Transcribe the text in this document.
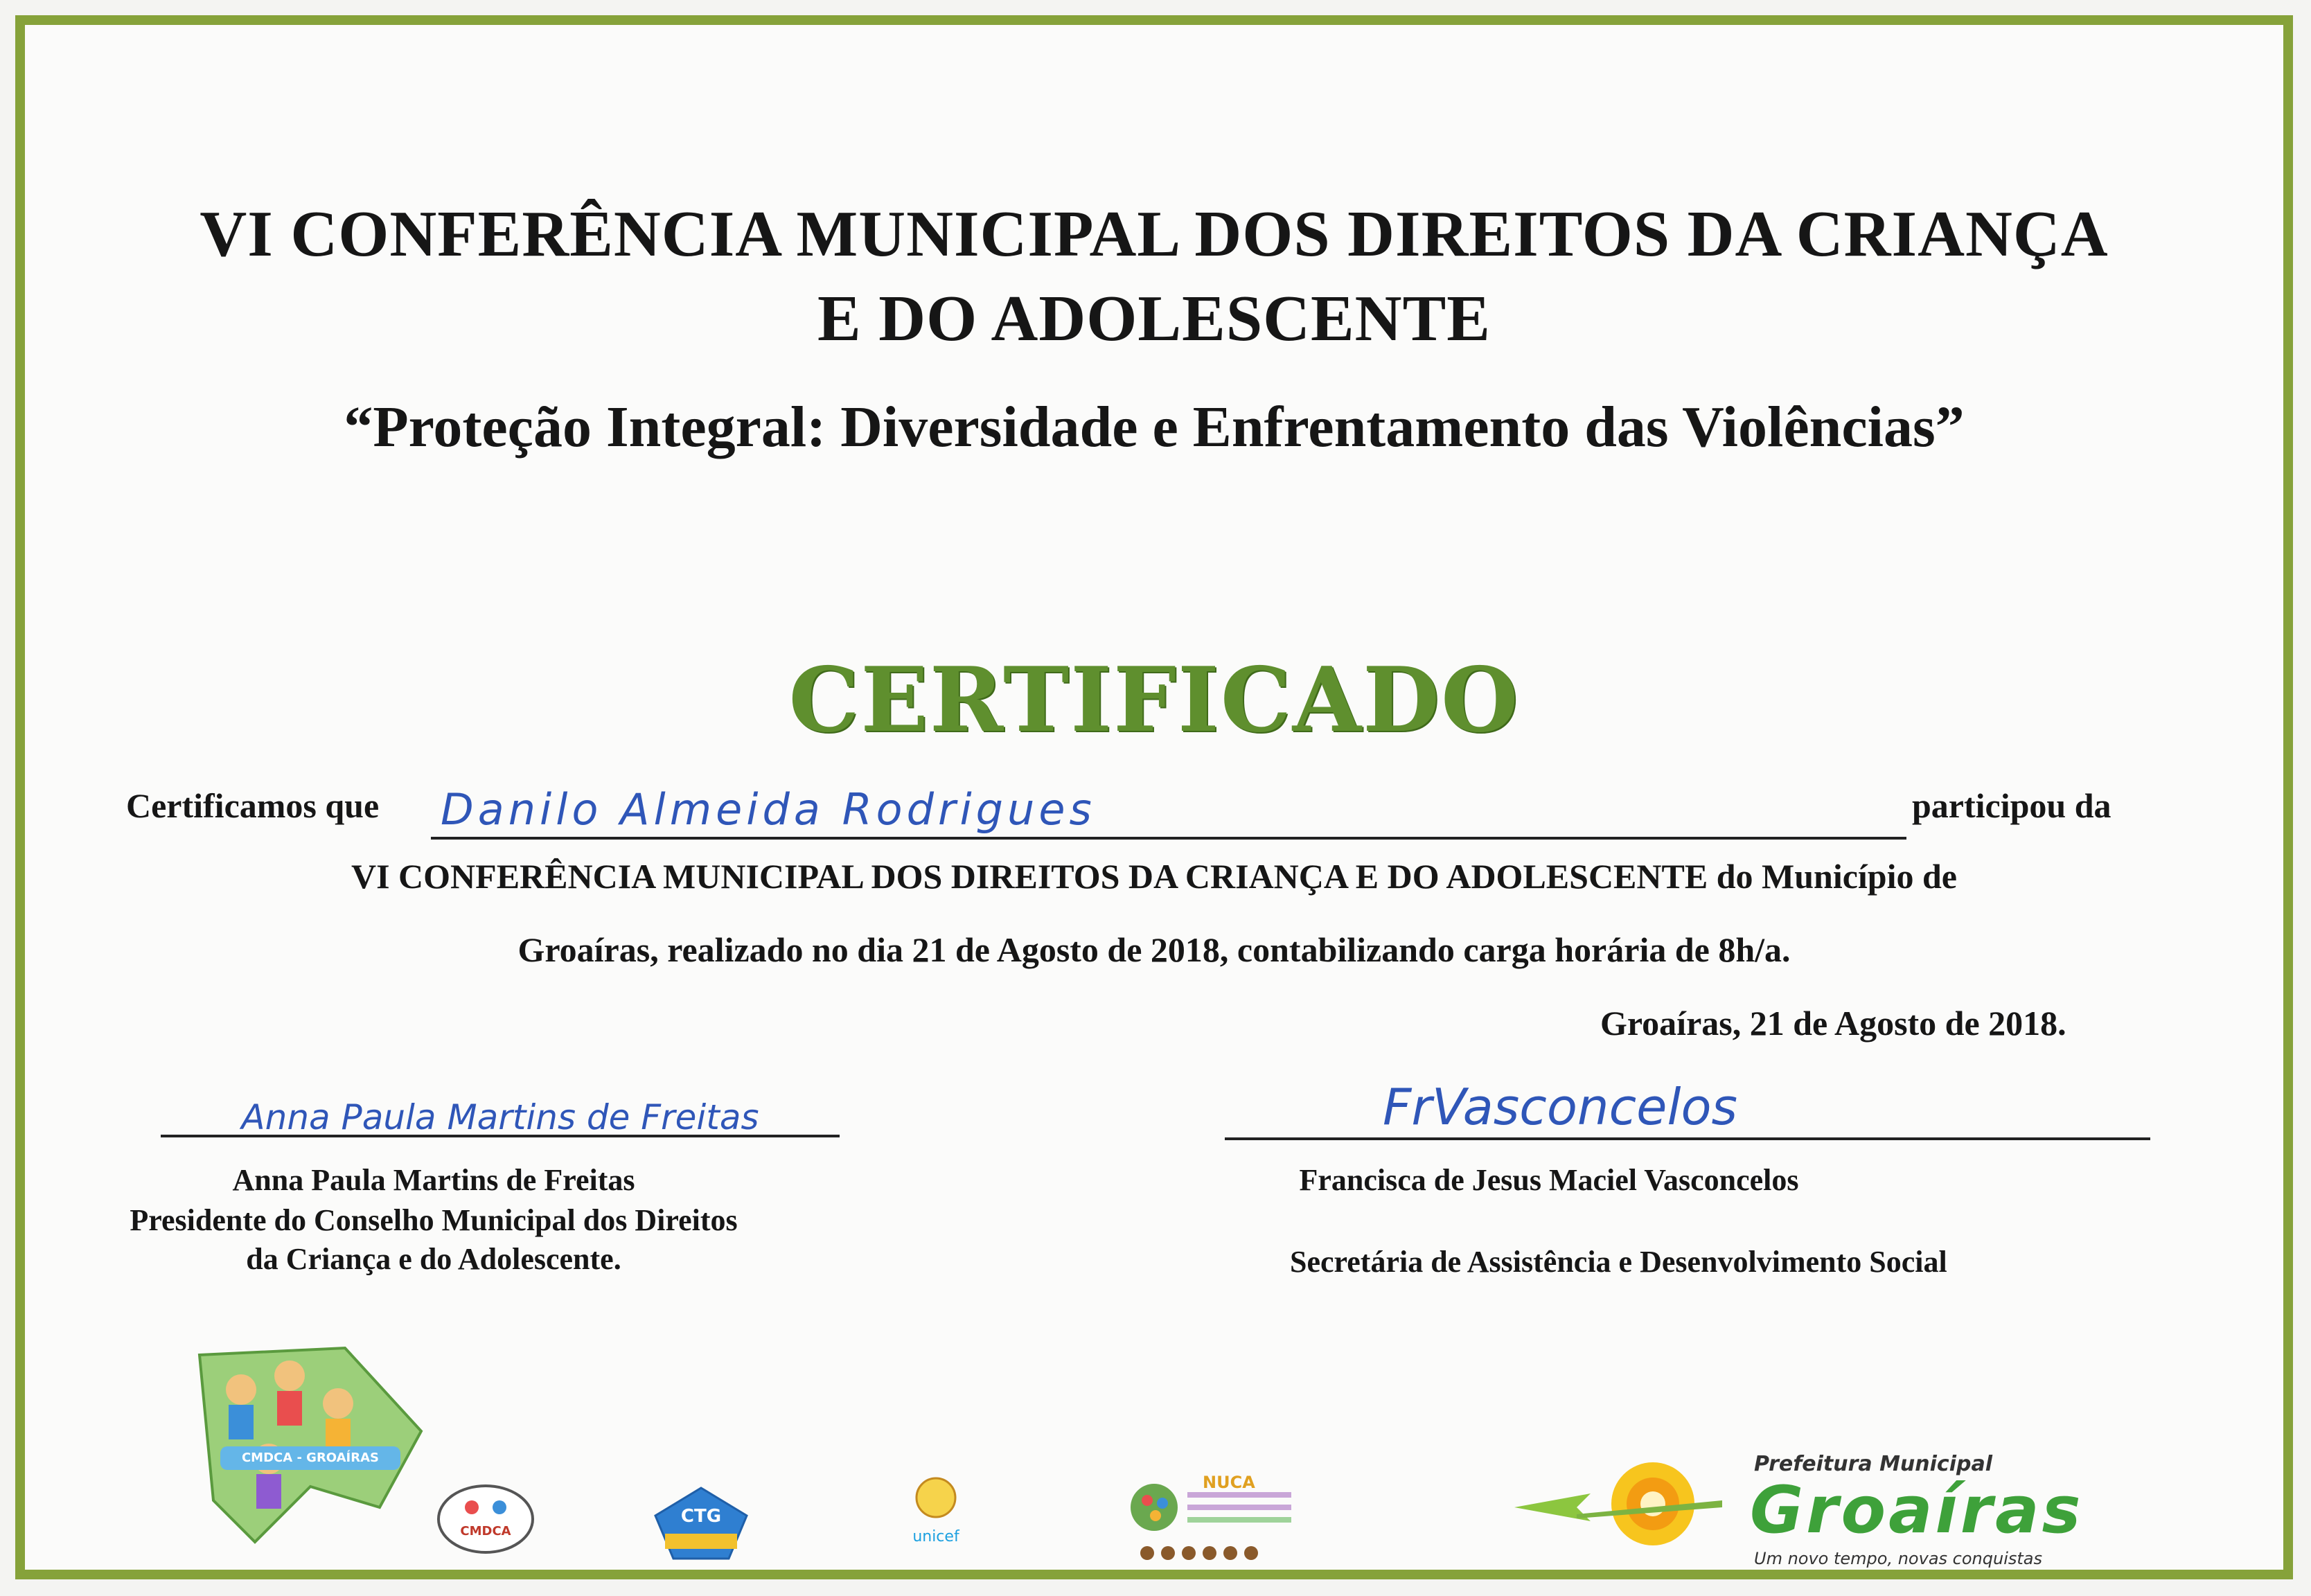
VI CONFERÊNCIA MUNICIPAL DOS DIREITOS DA CRIANÇA
E DO ADOLESCENTE
“Proteção Integral: Diversidade e Enfrentamento das Violências”
CERTIFICADO
Certificamos que Danilo Almeida Rodrigues	participou da
VI CONFERÊNCIA MUNICIPAL DOS DIREITOS DA CRIANÇA E DO ADOLESCENTE do Município de
Groaíras, realizado no dia 21 de Agosto de 2018, contabilizando carga horária de 8h/a.
Groaíras, 21 de Agosto de 2018.
Anna Paula Martins de Freitas
Anna Paula Martins de Freitas
Presidente do Conselho Municipal dos Direitos
da Criança e do Adolescente.
FrVasconcelos
Francisca de Jesus Maciel Vasconcelos
Secretária de Assistência e Desenvolvimento Social
CMDCA - GROAÍRAS
CMDCA
CTG
unicef
NUCA
Prefeitura Municipal
Groaíras
Um novo tempo, novas conquistas
